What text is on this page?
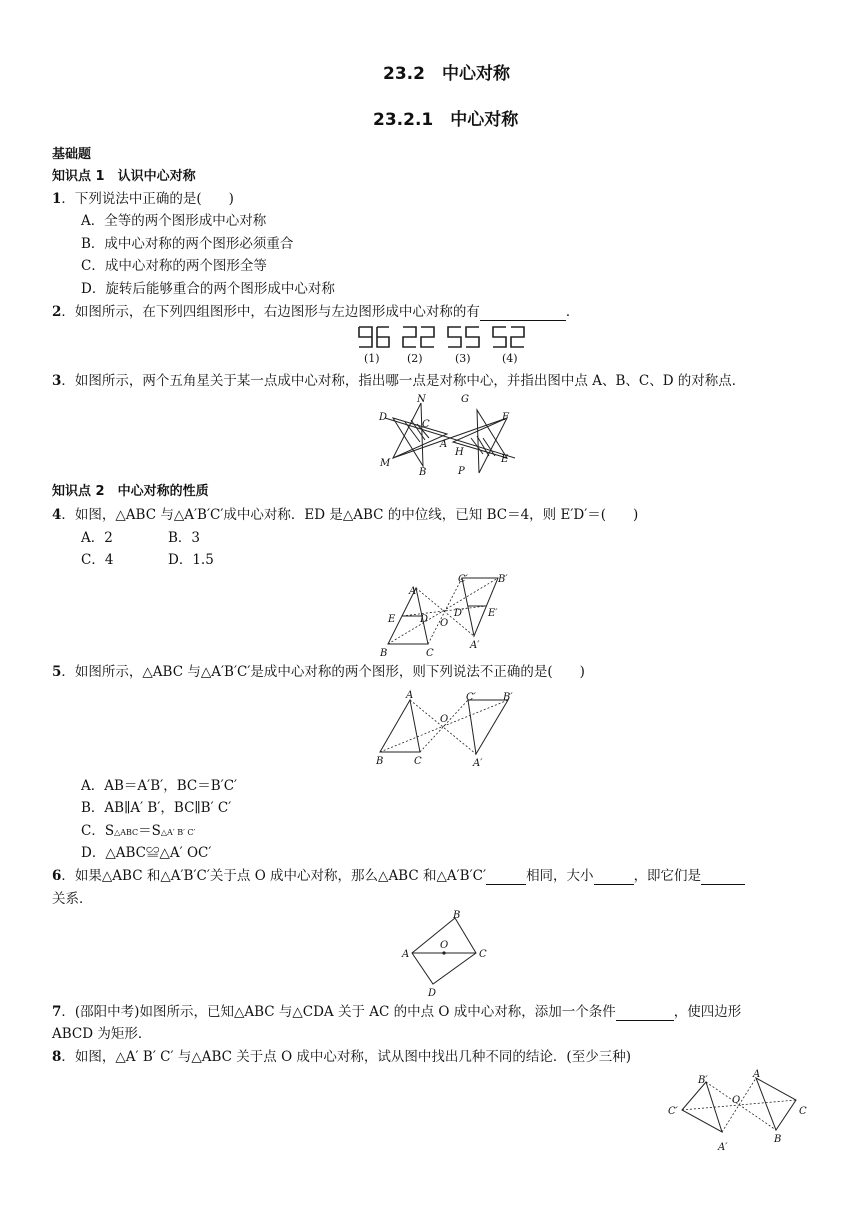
23.2　中心对称
23.2.1　中心对称
基础题
知识点 1　认识中心对称
1．下列说法中正确的是(　　)
A．全等的两个图形成中心对称
B．成中心对称的两个图形必须重合
C．成中心对称的两个图形全等
D．旋转后能够重合的两个图形成中心对称
2．如图所示，在下列四组图形中，右边图形与左边图形成中心对称的有	．
(1) (2)	(3)	(4)
3．如图所示，两个五角星关于某一点成中心对称，指出哪一点是对称中心，并指出图中点 A、B、C、D 的对称点．
D
N
C
M
B
A
G
F
H
P
E
知识点 2　中心对称的性质
4．如图，△ABC 与△A′B′C′成中心对称．ED 是△ABC 的中位线，已知 BC＝4，则 E′D′＝(　　)
A．2	B．3
C．4	D．1.5
A
C′	B′
E D
D′ E′
O
B	C
A′
5．如图所示，△ABC 与△A′B′C′是成中心对称的两个图形，则下列说法不正确的是(　　)
A	C′	B′
O
B	C	A′
A．AB＝A′B′，BC＝B′C′
B．AB∥A′ B′，BC∥B′ C′
C．S△ABC＝S△A′ B′ C′
D．△ABC≌△A′ OC′
6．如果△ABC 和△A′B′C′关于点 O 成中心对称，那么△ABC 和△A′B′C′	相同，大小	，即它们是
关系．
B
O
A	C
D
7．(邵阳中考)如图所示，已知△ABC 与△CDA 关于 AC 的中点 O 成中心对称，添加一个条件	，使四边形
ABCD 为矩形．
8．如图，△A′ B′ C′ 与△ABC 关于点 O 成中心对称，试从图中找出几种不同的结论．(至少三种)
B′
A
C′
O
C
B
A′
